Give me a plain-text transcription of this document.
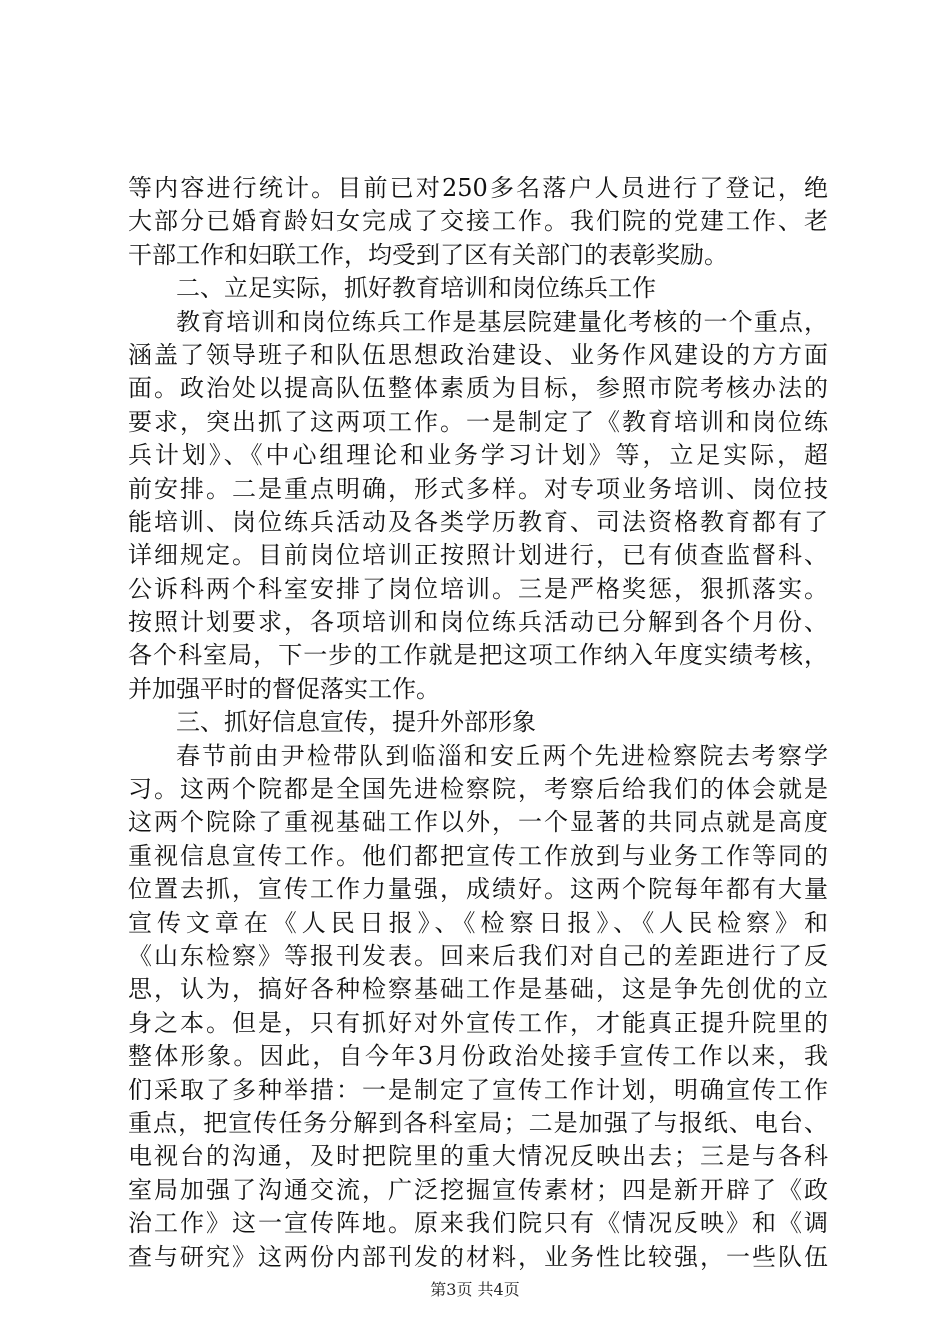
等内容进行统计。目前已对250多名落户人员进行了登记，绝
大部分已婚育龄妇女完成了交接工作。我们院的党建工作、老
干部工作和妇联工作，均受到了区有关部门的表彰奖励。
二、立足实际，抓好教育培训和岗位练兵工作
教育培训和岗位练兵工作是基层院建量化考核的一个重点，
涵盖了领导班子和队伍思想政治建设、业务作风建设的方方面
面。政治处以提高队伍整体素质为目标，参照市院考核办法的
要求，突出抓了这两项工作。一是制定了《教育培训和岗位练
兵计划》、《中心组理论和业务学习计划》等，立足实际，超
前安排。二是重点明确，形式多样。对专项业务培训、岗位技
能培训、岗位练兵活动及各类学历教育、司法资格教育都有了
详细规定。目前岗位培训正按照计划进行，已有侦查监督科、
公诉科两个科室安排了岗位培训。三是严格奖惩，狠抓落实。
按照计划要求，各项培训和岗位练兵活动已分解到各个月份、
各个科室局，下一步的工作就是把这项工作纳入年度实绩考核，
并加强平时的督促落实工作。
三、抓好信息宣传，提升外部形象
春节前由尹检带队到临淄和安丘两个先进检察院去考察学
习。这两个院都是全国先进检察院，考察后给我们的体会就是
这两个院除了重视基础工作以外，一个显著的共同点就是高度
重视信息宣传工作。他们都把宣传工作放到与业务工作等同的
位置去抓，宣传工作力量强，成绩好。这两个院每年都有大量
宣传文章在《人民日报》、《检察日报》、《人民检察》和
《山东检察》等报刊发表。回来后我们对自己的差距进行了反
思，认为，搞好各种检察基础工作是基础，这是争先创优的立
身之本。但是，只有抓好对外宣传工作，才能真正提升院里的
整体形象。因此，自今年3月份政治处接手宣传工作以来，我
们采取了多种举措：一是制定了宣传工作计划，明确宣传工作
重点，把宣传任务分解到各科室局；二是加强了与报纸、电台、
电视台的沟通，及时把院里的重大情况反映出去；三是与各科
室局加强了沟通交流，广泛挖掘宣传素材；四是新开辟了《政
治工作》这一宣传阵地。原来我们院只有《情况反映》和《调
查与研究》这两份内部刊发的材料，业务性比较强，一些队伍
第3页 共4页
